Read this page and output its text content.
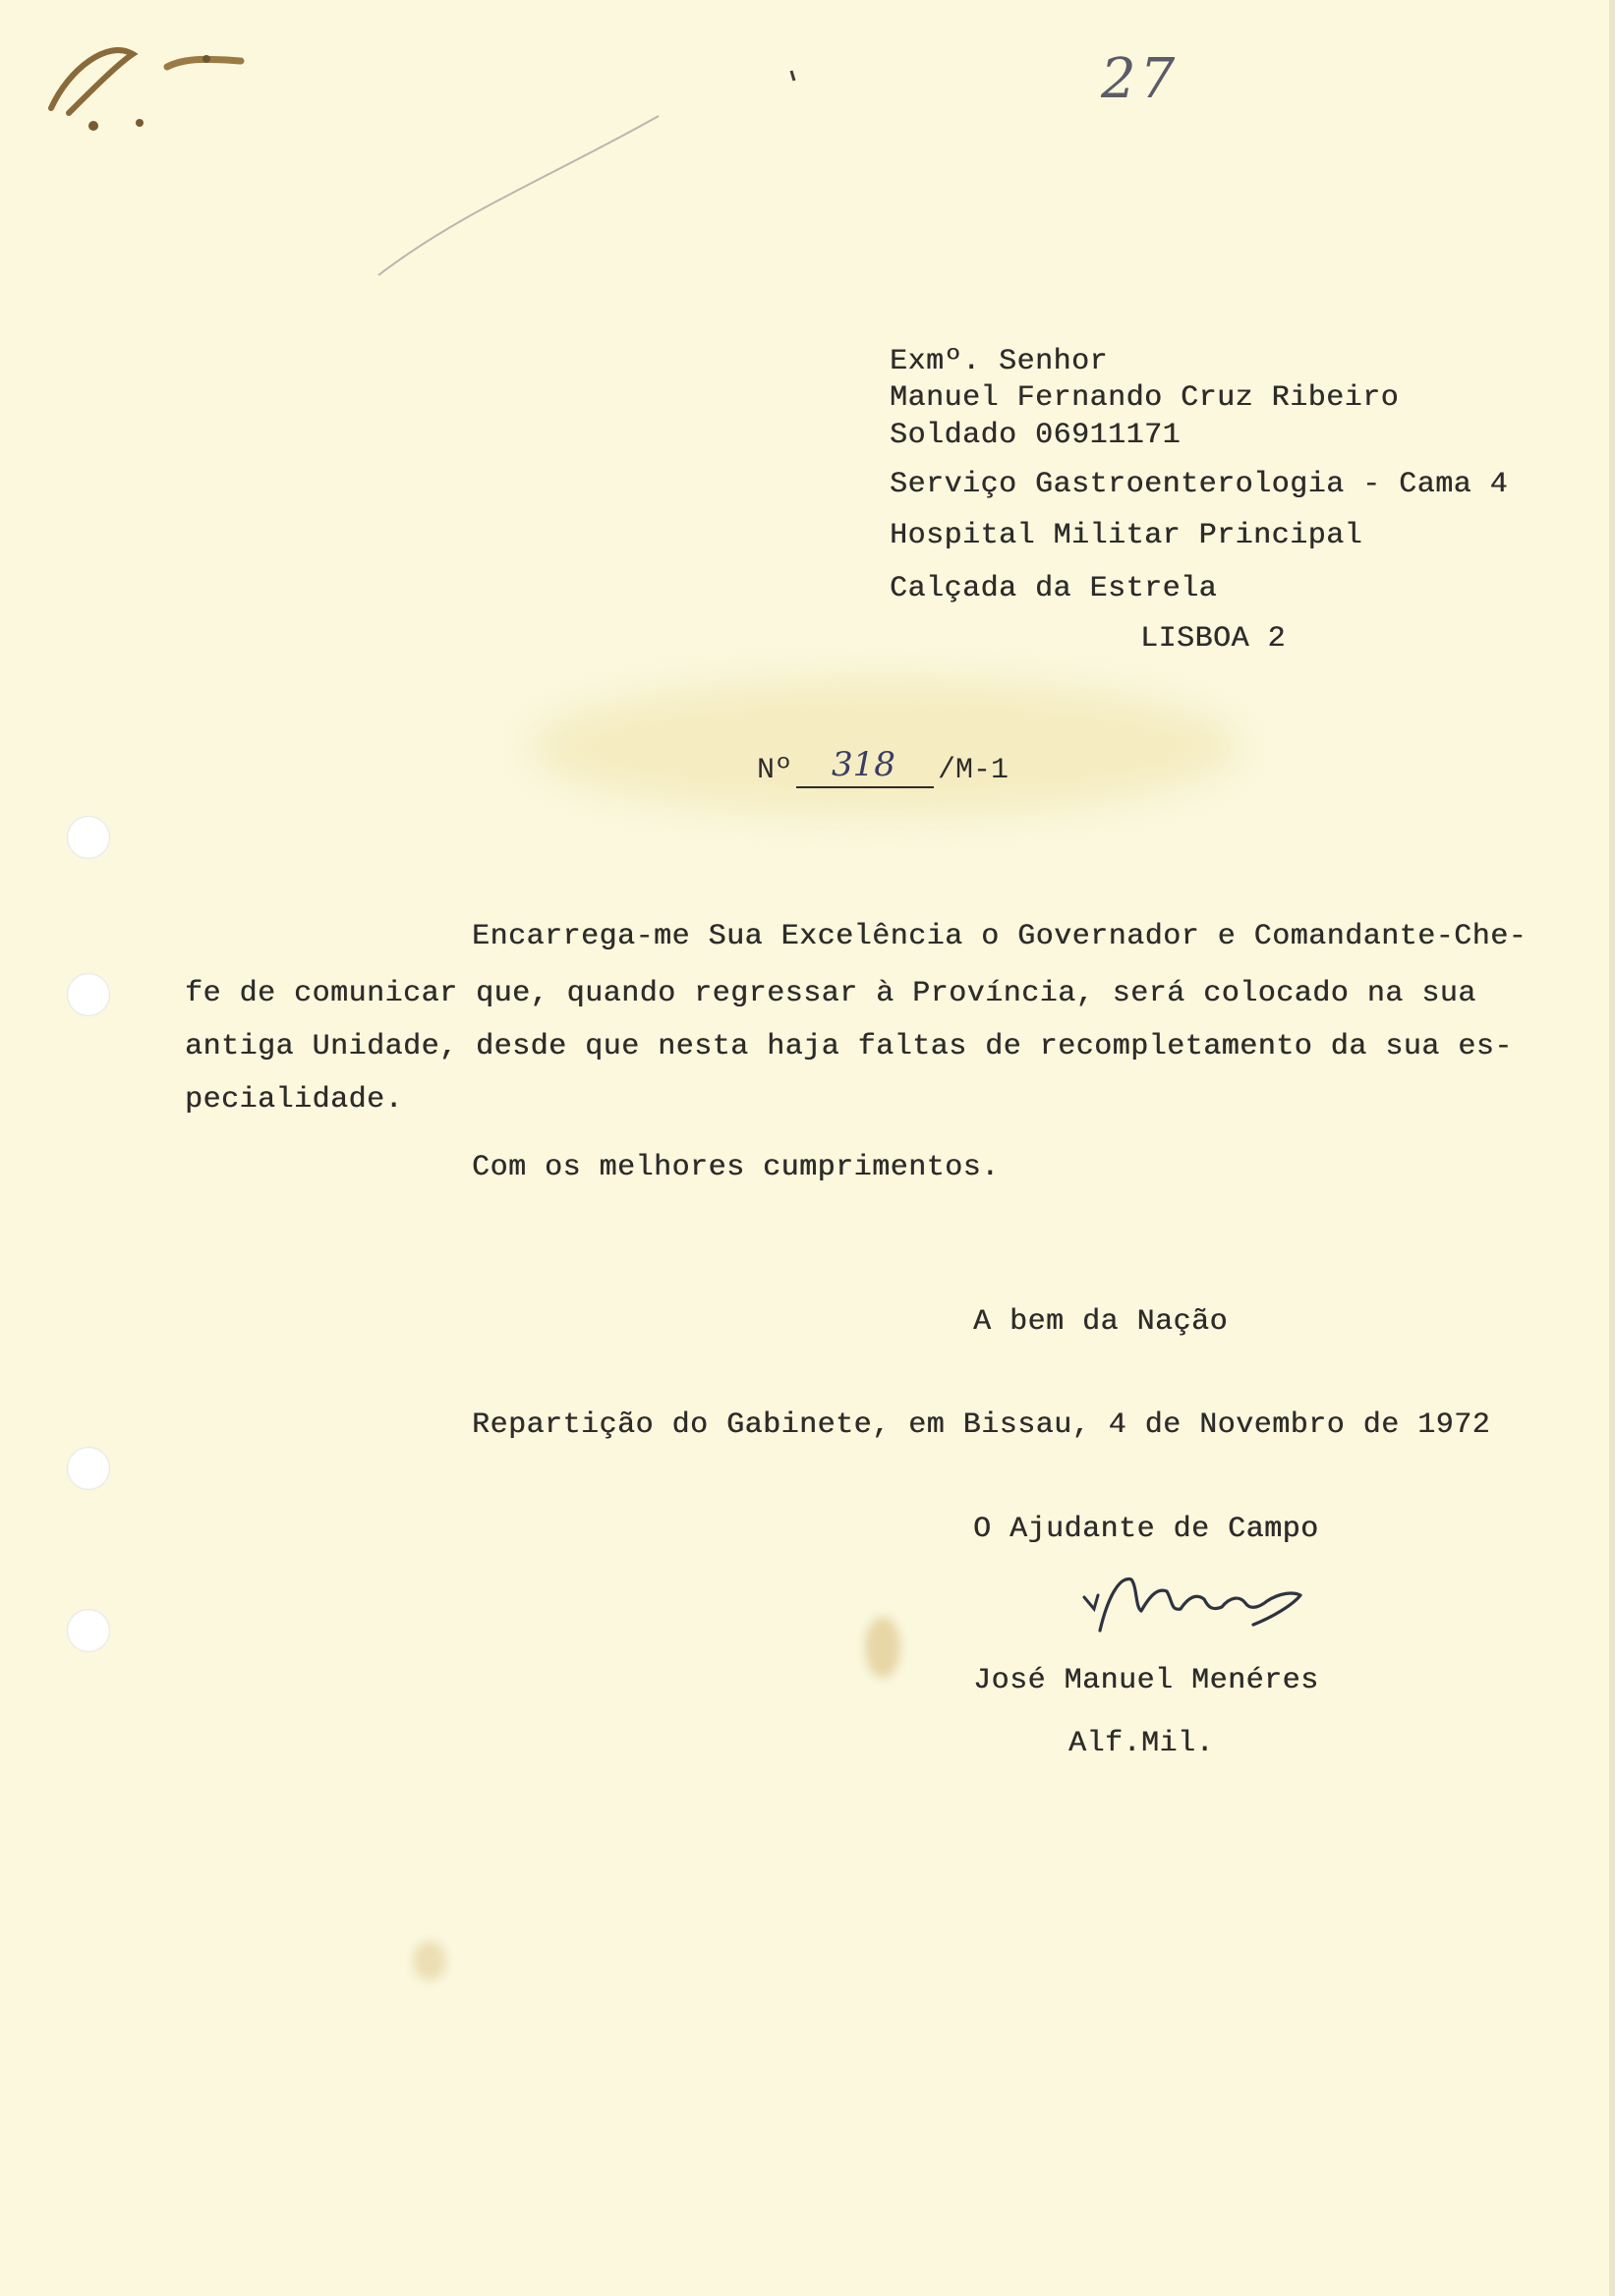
27
Exmº. Senhor
Manuel Fernando Cruz Ribeiro
Soldado 06911171
Serviço Gastroenterologia - Cama 4
Hospital Militar Principal
Calçada da Estrela
LISBOA 2
Nº 318 /M-1
Encarrega-me Sua Excelência o Governador e Comandante-Che-
fe de comunicar que, quando regressar à Província, será colocado na sua
antiga Unidade, desde que nesta haja faltas de recompletamento da sua es-
pecialidade.
Com os melhores cumprimentos.
A bem da Nação
Repartição do Gabinete, em Bissau, 4 de Novembro de 1972
O Ajudante de Campo
José Manuel Menéres
Alf.Mil.
